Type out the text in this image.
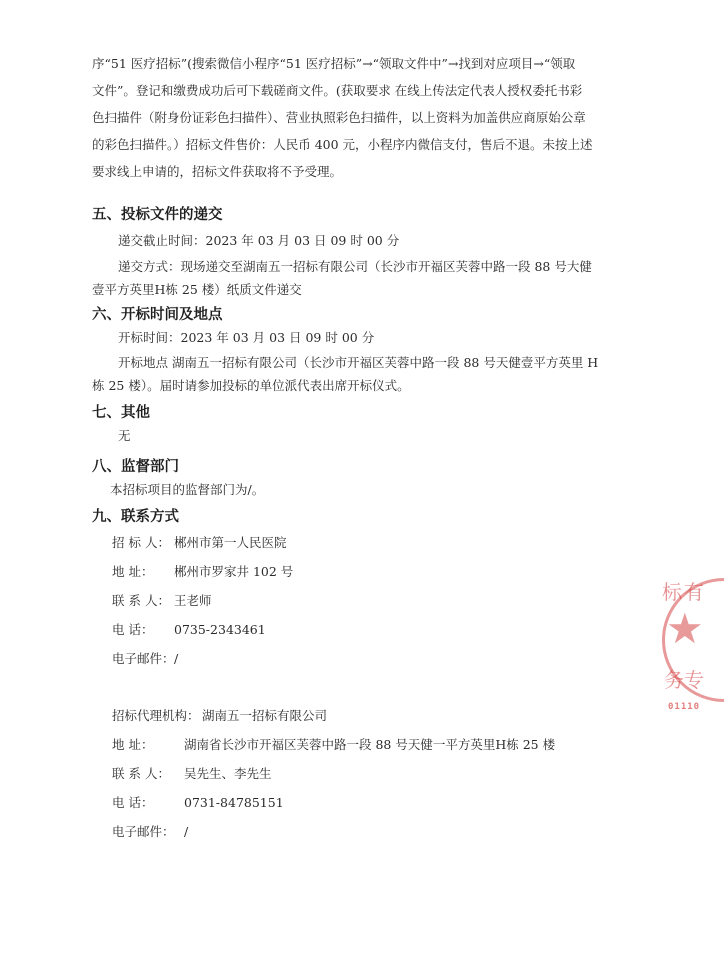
序“51 医疗招标”(搜索微信小程序“51 医疗招标”→“领取文件中”→找到对应项目→“领取
文件”。登记和缴费成功后可下载磋商文件。(获取要求 在线上传法定代表人授权委托书彩
色扫描件（附身份证彩色扫描件）、营业执照彩色扫描件，以上资料为加盖供应商原始公章
的彩色扫描件。）招标文件售价：人民币 400 元，小程序内微信支付，售后不退。未按上述
要求线上申请的，招标文件获取将不予受理。
五、投标文件的递交
递交截止时间：2023 年 03 月 03 日 09 时 00 分
递交方式：现场递交至湖南五一招标有限公司（长沙市开福区芙蓉中路一段 88 号大健
壹平方英里H栋 25 楼）纸质文件递交
六、开标时间及地点
开标时间：2023 年 03 月 03 日 09 时 00 分
开标地点 湖南五一招标有限公司（长沙市开福区芙蓉中路一段 88 号天健壹平方英里 H
栋 25 楼）。届时请参加投标的单位派代表出席开标仪式。
七、其他
无
八、监督部门
本招标项目的监督部门为/。
九、联系方式
招 标 人： 郴州市第一人民医院
地 址： 郴州市罗家井 102 号
联 系 人： 王老师
电 话： 0735-2343461
电子邮件：/
招标代理机构： 湖南五一招标有限公司
地 址： 湖南省长沙市开福区芙蓉中路一段 88 号天健一平方英里H栋 25 楼
联 系 人： 吴先生、李先生
电 话： 0731-84785151
电子邮件： /
标有
★
务专
01110
